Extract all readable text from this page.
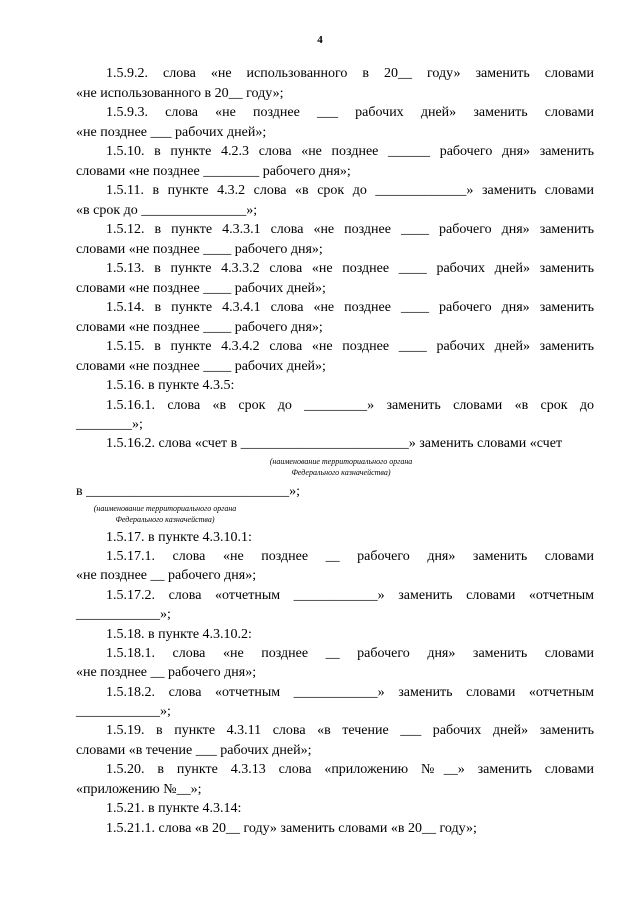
4
1.5.9.2. слова «не использованного в 20__ году» заменить словами
«не использованного в 20__ году»;
1.5.9.3. слова «не позднее ___ рабочих дней» заменить словами
«не позднее ___ рабочих дней»;
1.5.10. в пункте 4.2.3 слова «не позднее ______ рабочего дня» заменить
словами «не позднее ________ рабочего дня»;
1.5.11. в пункте 4.3.2 слова «в срок до _____________» заменить словами
«в срок до _______________»;
1.5.12. в пункте 4.3.3.1 слова «не позднее ____ рабочего дня» заменить
словами «не позднее ____ рабочего дня»;
1.5.13. в пункте 4.3.3.2 слова «не позднее ____ рабочих дней» заменить
словами «не позднее ____ рабочих дней»;
1.5.14. в пункте 4.3.4.1 слова «не позднее ____ рабочего дня» заменить
словами «не позднее ____ рабочего дня»;
1.5.15. в пункте 4.3.4.2 слова «не позднее ____ рабочих дней» заменить
словами «не позднее ____ рабочих дней»;
1.5.16. в пункте 4.3.5:
1.5.16.1. слова «в срок до _________» заменить словами «в срок до
________»;
1.5.16.2. слова «счет в ________________________» заменить словами «счет
(наименование территориального органа
Федерального казначейства)
в _____________________________»;
(наименование территориального органа
Федерального казначейства)
1.5.17. в пункте 4.3.10.1:
1.5.17.1. слова «не позднее __ рабочего дня» заменить словами
«не позднее __ рабочего дня»;
1.5.17.2. слова «отчетным ____________» заменить словами «отчетным
____________»;
1.5.18. в пункте 4.3.10.2:
1.5.18.1. слова «не позднее __ рабочего дня» заменить словами
«не позднее __ рабочего дня»;
1.5.18.2. слова «отчетным ____________» заменить словами «отчетным
____________»;
1.5.19. в пункте 4.3.11 слова «в течение ___ рабочих дней» заменить
словами «в течение ___ рабочих дней»;
1.5.20. в пункте 4.3.13 слова «приложению №__» заменить словами
«приложению №__»;
1.5.21. в пункте 4.3.14:
1.5.21.1. слова «в 20__ году» заменить словами «в 20__ году»;
